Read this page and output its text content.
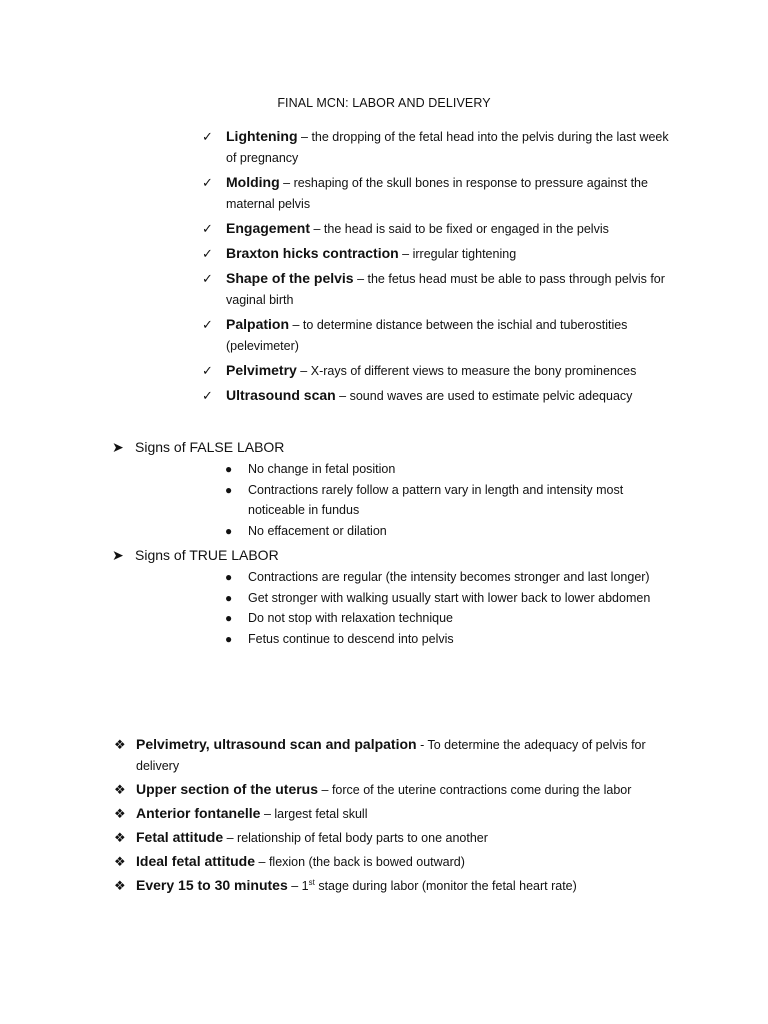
FINAL MCN: LABOR AND DELIVERY
✓ Lightening – the dropping of the fetal head into the pelvis during the last week of pregnancy
✓ Molding – reshaping of the skull bones in response to pressure against the maternal pelvis
✓ Engagement – the head is said to be fixed or engaged in the pelvis
✓ Braxton hicks contraction – irregular tightening
✓ Shape of the pelvis – the fetus head must be able to pass through pelvis for vaginal birth
✓ Palpation – to determine distance between the ischial and tuberostities (pelevimeter)
✓ Pelvimetry – X-rays of different views to measure the bony prominences
✓ Ultrasound scan – sound waves are used to estimate pelvic adequacy
➤ Signs of FALSE LABOR
● No change in fetal position
● Contractions rarely follow a pattern vary in length and intensity most noticeable in fundus
● No effacement or dilation
➤ Signs of TRUE LABOR
● Contractions are regular (the intensity becomes stronger and last longer)
● Get stronger with walking usually start with lower back to lower abdomen
● Do not stop with relaxation technique
● Fetus continue to descend into pelvis
❖ Pelvimetry, ultrasound scan and palpation - To determine the adequacy of pelvis for delivery
❖ Upper section of the uterus – force of the uterine contractions come during the labor
❖ Anterior fontanelle – largest fetal skull
❖ Fetal attitude – relationship of fetal body parts to one another
❖ Ideal fetal attitude – flexion (the back is bowed outward)
❖ Every 15 to 30 minutes – 1st stage during labor (monitor the fetal heart rate)
